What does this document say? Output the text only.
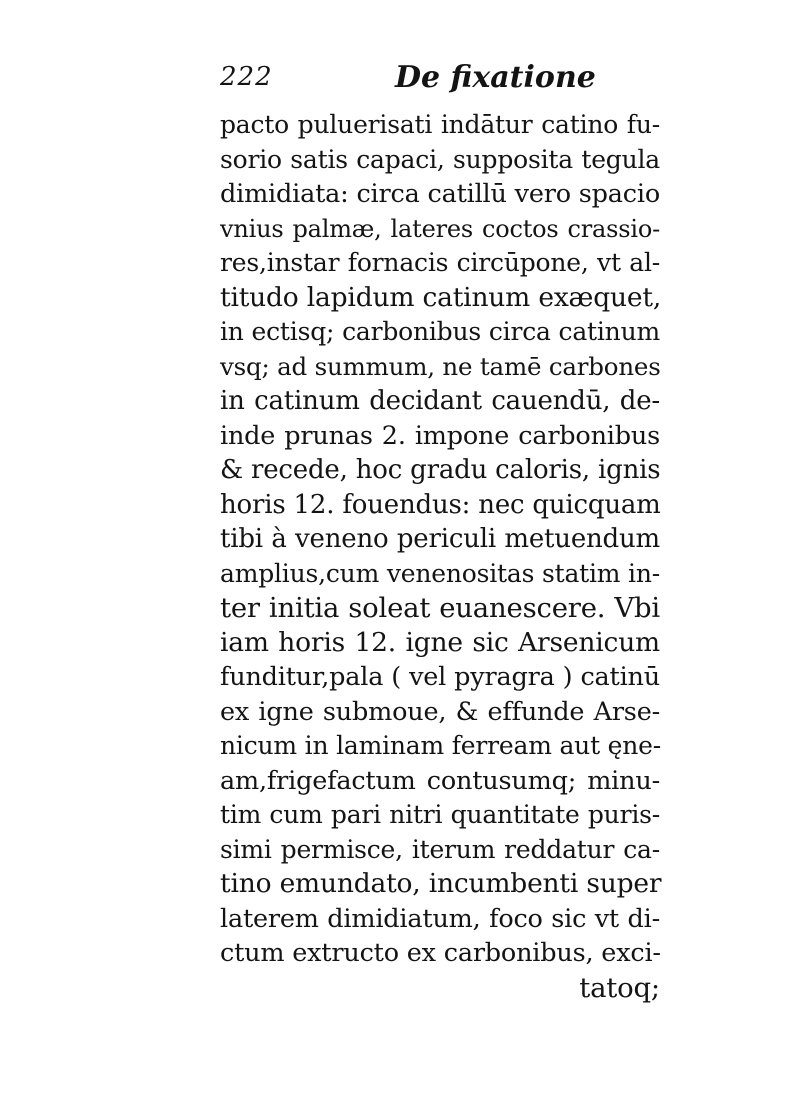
222	De fixatione
pacto puluerisati indātur catino fu-
sorio satis capaci, supposita tegula
dimidiata: circa catillū vero spacio
vnius palmæ, lateres coctos crassio-
res,instar fornacis circūpone, vt al-
titudo lapidum catinum exæquet,
in ectisq; carbonibus circa catinum
vsq; ad summum, ne tamē carbones
in catinum decidant cauendū, de-
inde prunas 2. impone carbonibus
& recede, hoc gradu caloris, ignis
horis 12. fouendus: nec quicquam
tibi à veneno periculi metuendum
amplius,cum venenositas statim in-
ter initia soleat euanescere. Vbi
iam horis 12. igne sic Arsenicum
funditur,pala ( vel pyragra ) catinū
ex igne submoue, & effunde Arse-
nicum in laminam ferream aut ęne-
am,frigefactum contusumq; minu-
tim cum pari nitri quantitate puris-
simi permisce, iterum reddatur ca-
tino emundato, incumbenti super
laterem dimidiatum, foco sic vt di-
ctum extructo ex carbonibus, exci-
tatoq;
